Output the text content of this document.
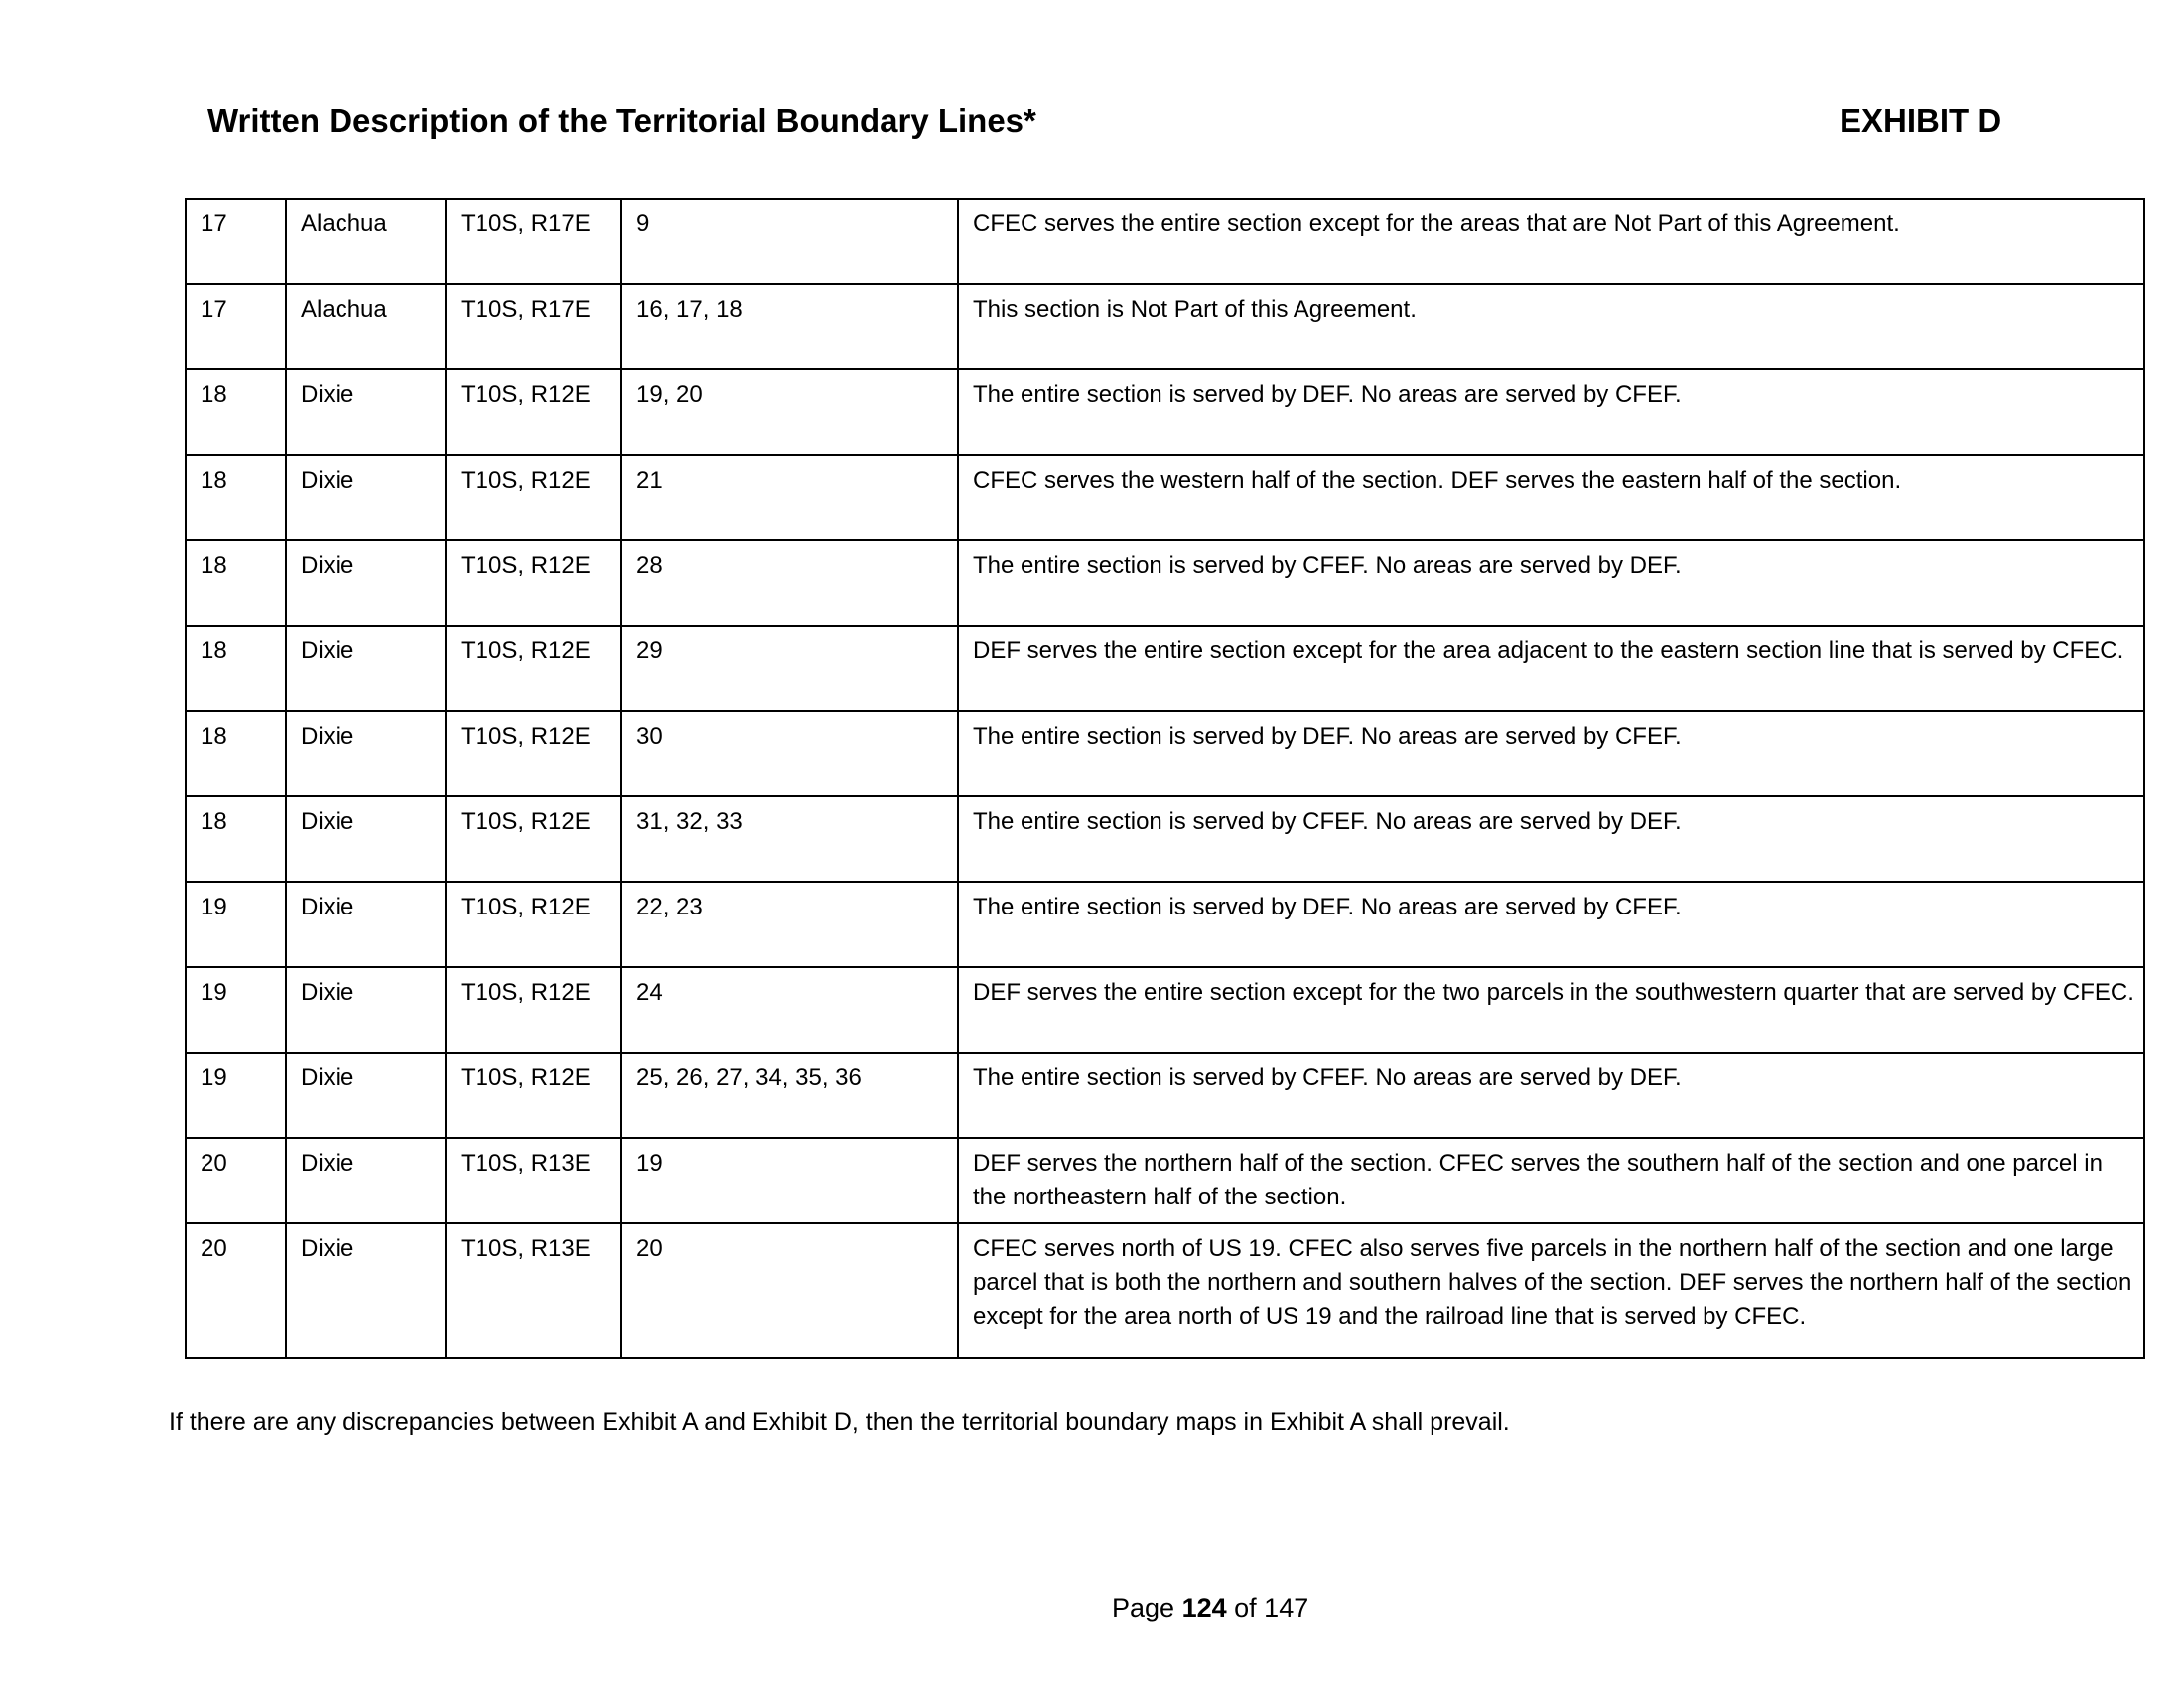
Written Description of the Territorial Boundary Lines*	EXHIBIT D
17	Alachua	T10S, R17E	9	CFEC serves the entire section except for the areas that are Not Part of this Agreement.
17	Alachua	T10S, R17E	16, 17, 18	This section is Not Part of this Agreement.
18	Dixie	T10S, R12E	19, 20	The entire section is served by DEF. No areas are served by CFEF.
18	Dixie	T10S, R12E	21	CFEC serves the western half of the section. DEF serves the eastern half of the section.
18	Dixie	T10S, R12E	28	The entire section is served by CFEF. No areas are served by DEF.
18	Dixie	T10S, R12E	29	DEF serves the entire section except for the area adjacent to the eastern section line that is served by CFEC.
18	Dixie	T10S, R12E	30	The entire section is served by DEF. No areas are served by CFEF.
18	Dixie	T10S, R12E	31, 32, 33	The entire section is served by CFEF. No areas are served by DEF.
19	Dixie	T10S, R12E	22, 23	The entire section is served by DEF. No areas are served by CFEF.
19	Dixie	T10S, R12E	24	DEF serves the entire section except for the two parcels in the southwestern quarter that are served by CFEC.
19	Dixie	T10S, R12E	25, 26, 27, 34, 35, 36	The entire section is served by CFEF. No areas are served by DEF.
20	Dixie	T10S, R13E	19	DEF serves the northern half of the section. CFEC serves the southern half of the section and one parcel in the northeastern half of the section.
20	Dixie	T10S, R13E	20	CFEC serves north of US 19. CFEC also serves five parcels in the northern half of the section and one large parcel that is both the northern and southern halves of the section. DEF serves the northern half of the section except for the area north of US 19 and the railroad line that is served by CFEC.
If there are any discrepancies between Exhibit A and Exhibit D, then the territorial boundary maps in Exhibit A shall prevail.
Page 124 of 147
